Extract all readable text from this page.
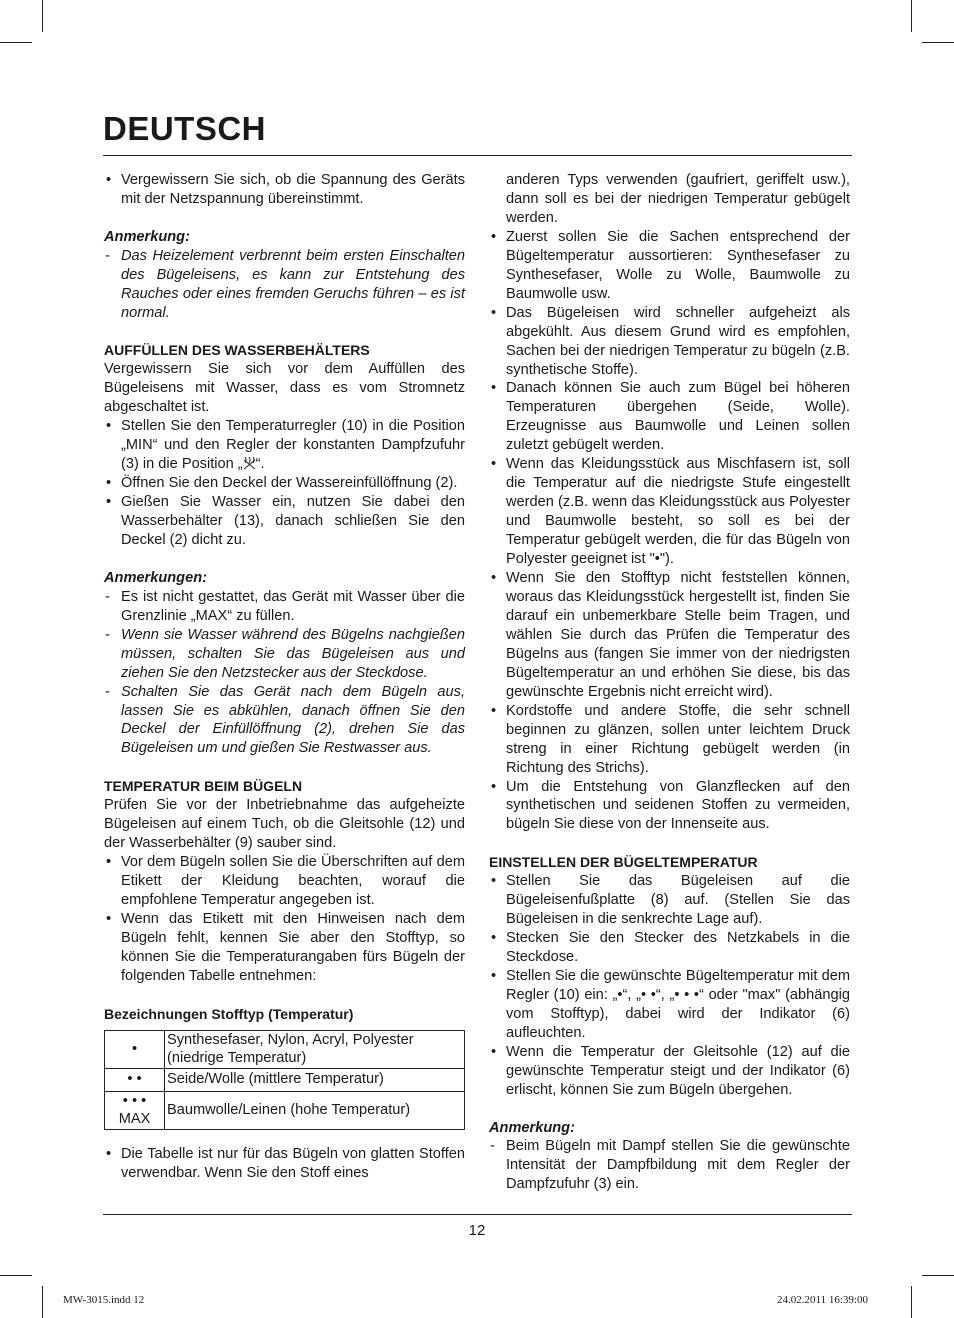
DEUTSCH

• Vergewissern Sie sich, ob die Spannung des Geräts mit der Netzspannung übereinstimmt.

Anmerkung:

- Das Heizelement verbrennt beim ersten Einschalten des Bügeleisens, es kann zur Entstehung des Rauches oder eines fremden Geruchs führen – es ist normal.

AUFFÜLLEN DES WASSERBEHÄLTERS

Vergewissern Sie sich vor dem Auffüllen des Bügeleisens mit Wasser, dass es vom Stromnetz abgeschaltet ist.

• Stellen Sie den Temperaturregler (10) in die Position „MIN“ und den Regler der konstanten Dampfzufuhr (3) in die Position „ “.

• Öffnen Sie den Deckel der Wassereinfüllöffnung (2).

• Gießen Sie Wasser ein, nutzen Sie dabei den Wasserbehälter (13), danach schließen Sie den Deckel (2) dicht zu.

Anmerkungen:

- Es ist nicht gestattet, das Gerät mit Wasser über die Grenzlinie „MAX“ zu füllen.

- Wenn sie Wasser während des Bügelns nachgießen müssen, schalten Sie das Bügeleisen aus und ziehen Sie den Netzstecker aus der Steckdose.

- Schalten Sie das Gerät nach dem Bügeln aus, lassen Sie es abkühlen, danach öffnen Sie den Deckel der Einfüllöffnung (2), drehen Sie das Bügeleisen um und gießen Sie Restwasser aus.

TEMPERATUR BEIM BÜGELN

Prüfen Sie vor der Inbetriebnahme das aufgeheizte Bügeleisen auf einem Tuch, ob die Gleitsohle (12) und der Wasserbehälter (9) sauber sind.

• Vor dem Bügeln sollen Sie die Überschriften auf dem Etikett der Kleidung beachten, worauf die empfohlene Temperatur angegeben ist.

• Wenn das Etikett mit den Hinweisen nach dem Bügeln fehlt, kennen Sie aber den Stofftyp, so können Sie die Temperaturangaben fürs Bügeln der folgenden Tabelle entnehmen:

Bezeichnungen Stofftyp (Temperatur)

•	Synthesefaser, Nylon, Acryl, Polyester (niedrige Temperatur)

• •	Seide/Wolle (mittlere Temperatur)

• • •
MAX	Baumwolle/Leinen (hohe Temperatur)

• Die Tabelle ist nur für das Bügeln von glatten Stoffen verwendbar. Wenn Sie den Stoff eines

anderen Typs verwenden (gaufriert, geriffelt usw.), dann soll es bei der niedrigen Temperatur gebügelt werden.

• Zuerst sollen Sie die Sachen entsprechend der Bügeltemperatur aussortieren: Synthesefaser zu Synthesefaser, Wolle zu Wolle, Baumwolle zu Baumwolle usw.

• Das Bügeleisen wird schneller aufgeheizt als abgekühlt. Aus diesem Grund wird es empfohlen, Sachen bei der niedrigen Temperatur zu bügeln (z.B. synthetische Stoffe).

• Danach können Sie auch zum Bügel bei höheren Temperaturen übergehen (Seide, Wolle). Erzeugnisse aus Baumwolle und Leinen sollen zuletzt gebügelt werden.

• Wenn das Kleidungsstück aus Mischfasern ist, soll die Temperatur auf die niedrigste Stufe eingestellt werden (z.B. wenn das Kleidungsstück aus Polyester und Baumwolle besteht, so soll es bei der Temperatur gebügelt werden, die für das Bügeln von Polyester geeignet ist "•").

• Wenn Sie den Stofftyp nicht feststellen können, woraus das Kleidungsstück hergestellt ist, finden Sie darauf ein unbemerkbare Stelle beim Tragen, und wählen Sie durch das Prüfen die Temperatur des Bügelns aus (fangen Sie immer von der niedrigsten Bügeltemperatur an und erhöhen Sie diese, bis das gewünschte Ergebnis nicht erreicht wird).

• Kordstoffe und andere Stoffe, die sehr schnell beginnen zu glänzen, sollen unter leichtem Druck streng in einer Richtung gebügelt werden (in Richtung des Strichs).

• Um die Entstehung von Glanzflecken auf den synthetischen und seidenen Stoffen zu vermeiden, bügeln Sie diese von der Innenseite aus.

EINSTELLEN DER BÜGELTEMPERATUR

• Stellen Sie das Bügeleisen auf die Bügeleisenfußplatte (8) auf. (Stellen Sie das Bügeleisen in die senkrechte Lage auf).

• Stecken Sie den Stecker des Netzkabels in die Steckdose.

• Stellen Sie die gewünschte Bügeltemperatur mit dem Regler (10) ein: „•“, „• •“, „• • •“ oder "max" (abhängig vom Stofftyp), dabei wird der Indikator (6) aufleuchten.

• Wenn die Temperatur der Gleitsohle (12) auf die gewünschte Temperatur steigt und der Indikator (6) erlischt, können Sie zum Bügeln übergehen.

Anmerkung:

- Beim Bügeln mit Dampf stellen Sie die gewünschte Intensität der Dampfbildung mit dem Regler der Dampfzufuhr (3) ein.

12
MW-3015.indd 12	24.02.2011 16:39:00
